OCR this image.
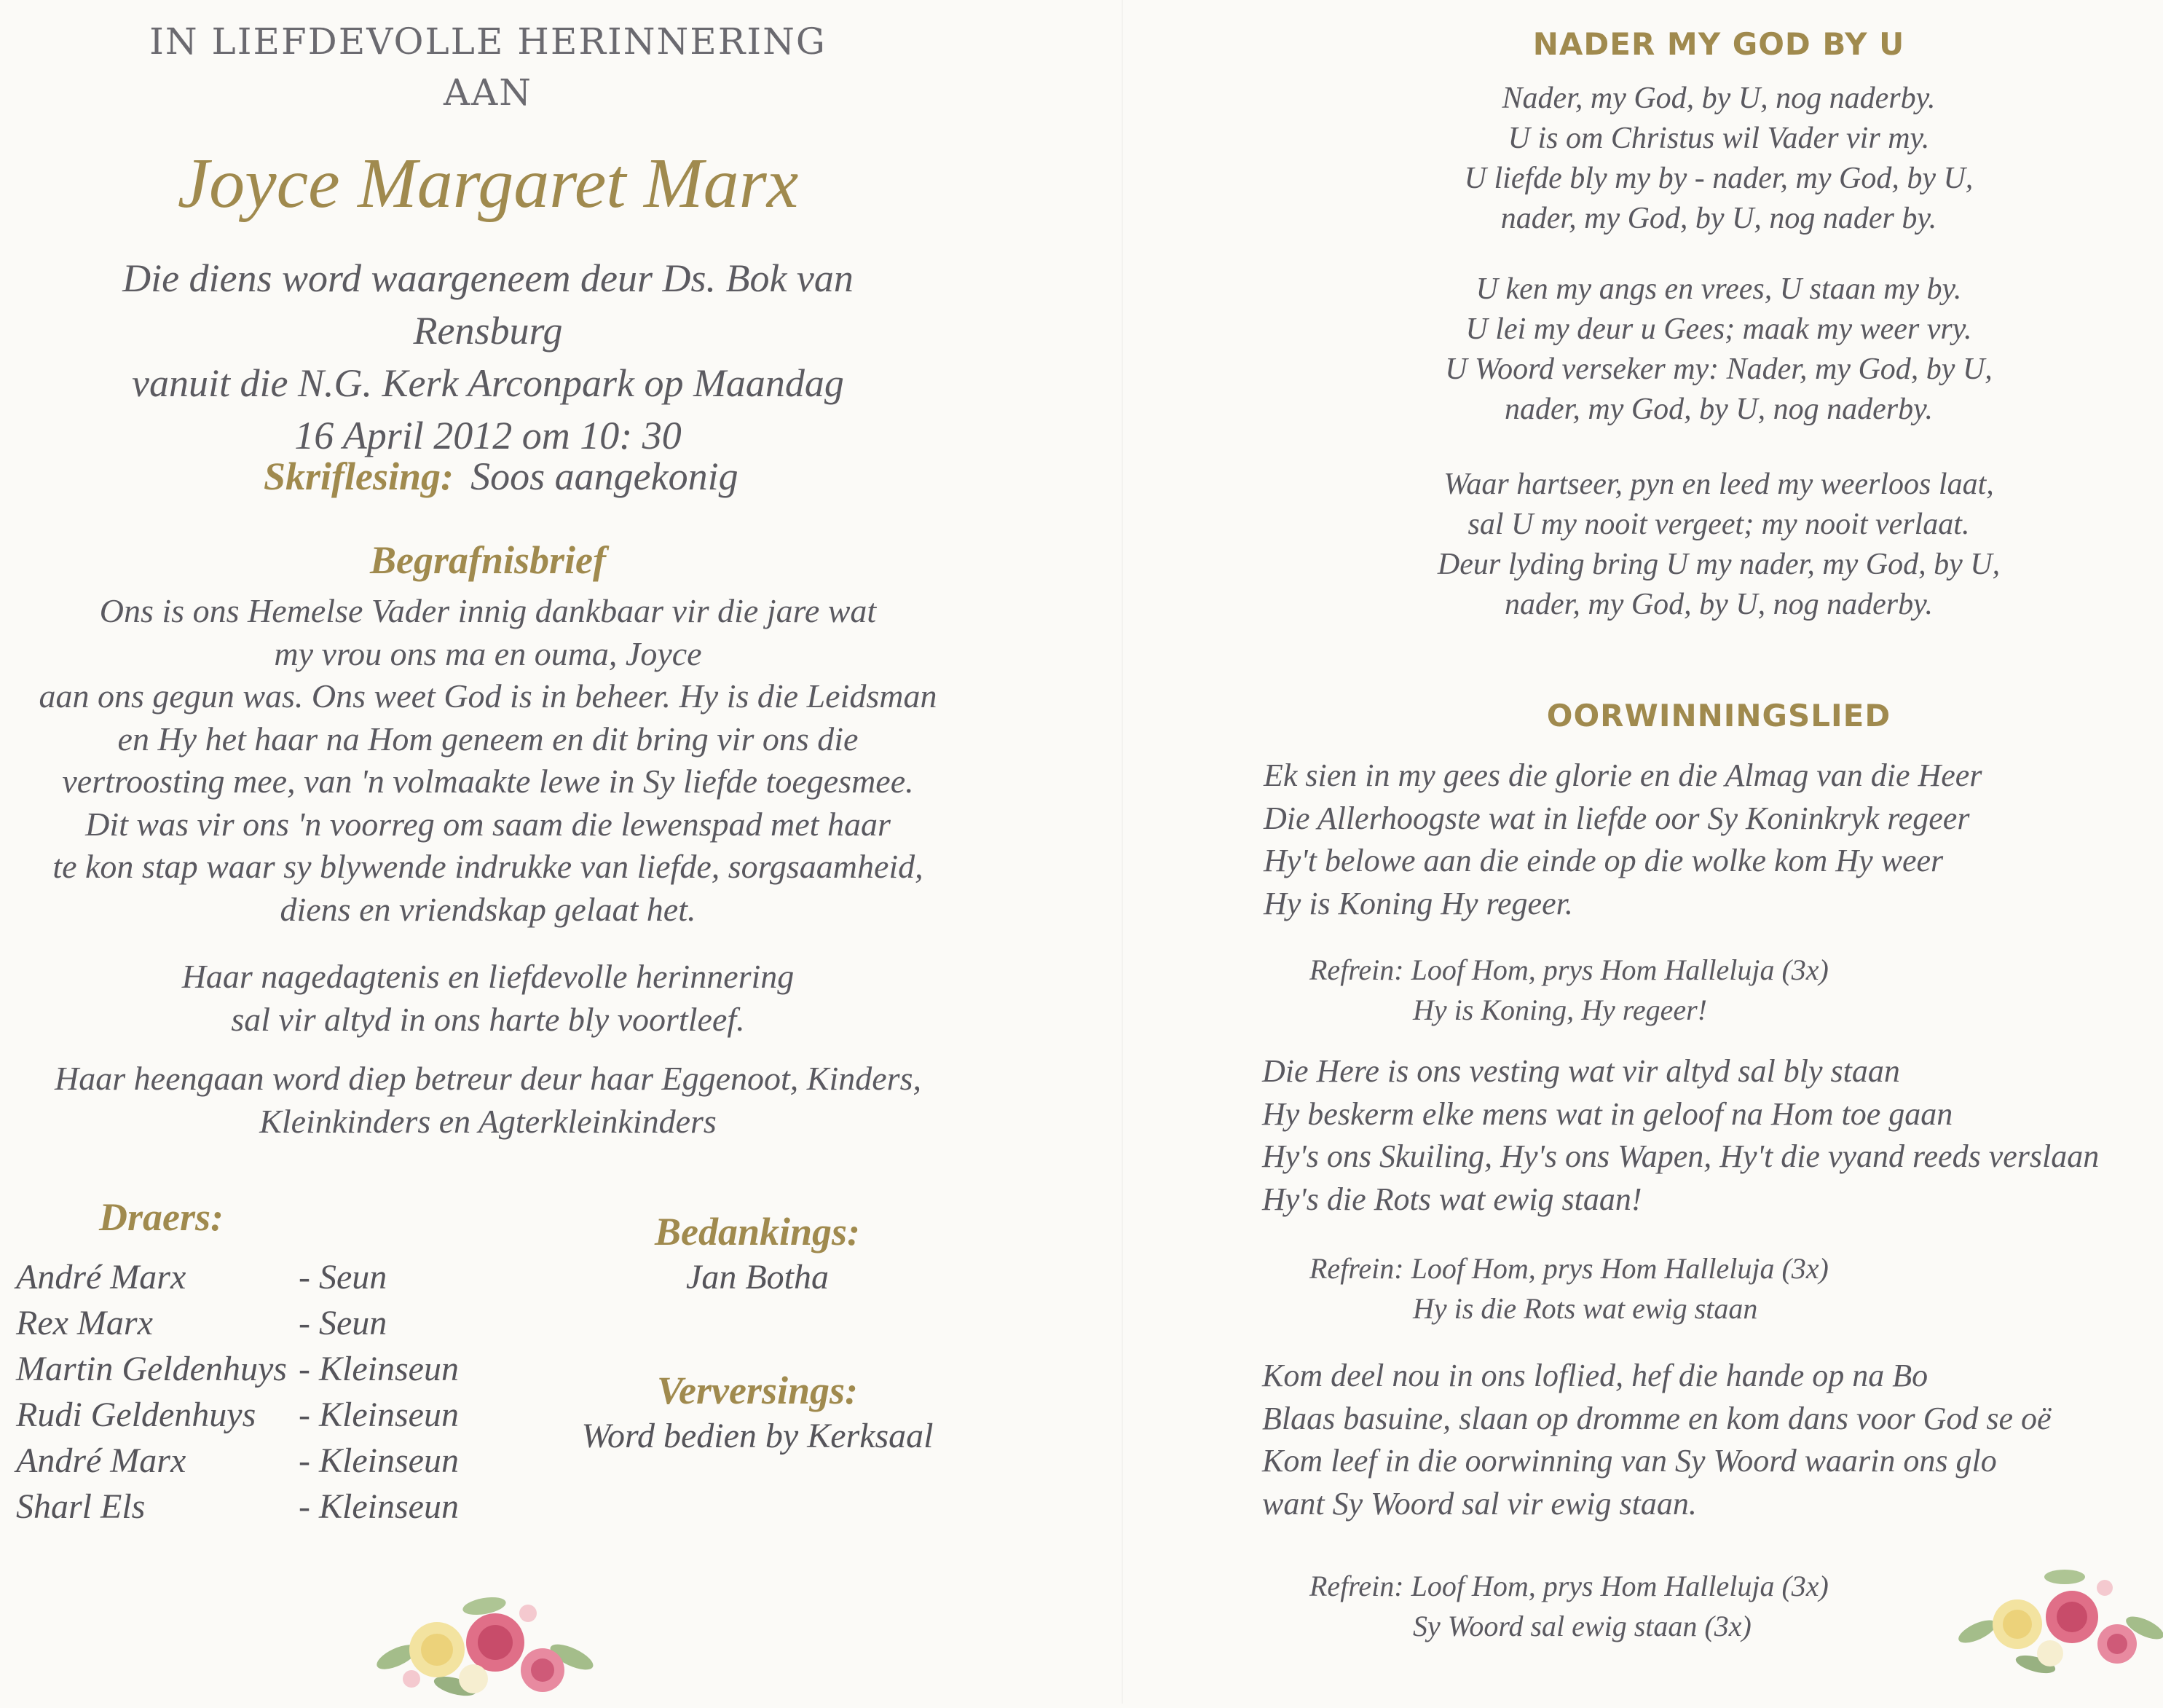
IN LIEFDEVOLLE HERINNERING
AAN
Joyce Margaret Marx
Die diens word waargeneem deur Ds. Bok van Rensburg
vanuit die N.G. Kerk Arconpark op Maandag
16 April 2012 om 10: 30
Skriflesing: Soos aangekonig
Begrafnisbrief
Ons is ons Hemelse Vader innig dankbaar vir die jare wat
my vrou ons ma en ouma, Joyce
aan ons gegun was. Ons weet God is in beheer. Hy is die Leidsman
en Hy het haar na Hom geneem en dit bring vir ons die
vertroosting mee, van 'n volmaakte lewe in Sy liefde toegesmee.
Dit was vir ons 'n voorreg om saam die lewenspad met haar
te kon stap waar sy blywende indrukke van liefde, sorgsaamheid,
diens en vriendskap gelaat het.
Haar nagedagtenis en liefdevolle herinnering
sal vir altyd in ons harte bly voortleef.
Haar heengaan word diep betreur deur haar Eggenoot, Kinders,
Kleinkinders en Agterkleinkinders
Draers:
André Marx	- Seun
Rex Marx	- Seun
Martin Geldenhuys - Kleinseun
Rudi Geldenhuys	- Kleinseun
André Marx	- Kleinseun
Sharl Els	- Kleinseun
Bedankings:
Jan Botha
Verversings:
Word bedien by Kerksaal
NADER MY GOD BY U
Nader, my God, by U, nog naderby.
U is om Christus wil Vader vir my.
U liefde bly my by - nader, my God, by U,
nader, my God, by U, nog nader by.
U ken my angs en vrees, U staan my by.
U lei my deur u Gees; maak my weer vry.
U Woord verseker my: Nader, my God, by U,
nader, my God, by U, nog naderby.
Waar hartseer, pyn en leed my weerloos laat,
sal U my nooit vergeet; my nooit verlaat.
Deur lyding bring U my nader, my God, by U,
nader, my God, by U, nog naderby.
OORWINNINGSLIED
Ek sien in my gees die glorie en die Almag van die Heer
Die Allerhoogste wat in liefde oor Sy Koninkryk regeer
Hy't belowe aan die einde op die wolke kom Hy weer
Hy is Koning Hy regeer.
Refrein: Loof Hom, prys Hom Halleluja (3x)
Hy is Koning, Hy regeer!
Die Here is ons vesting wat vir altyd sal bly staan
Hy beskerm elke mens wat in geloof na Hom toe gaan
Hy's ons Skuiling, Hy's ons Wapen, Hy't die vyand reeds verslaan
Hy's die Rots wat ewig staan!
Refrein: Loof Hom, prys Hom Halleluja (3x)
Hy is die Rots wat ewig staan
Kom deel nou in ons loflied, hef die hande op na Bo
Blaas basuine, slaan op dromme en kom dans voor God se oë
Kom leef in die oorwinning van Sy Woord waarin ons glo
want Sy Woord sal vir ewig staan.
Refrein: Loof Hom, prys Hom Halleluja (3x)
Sy Woord sal ewig staan (3x)
